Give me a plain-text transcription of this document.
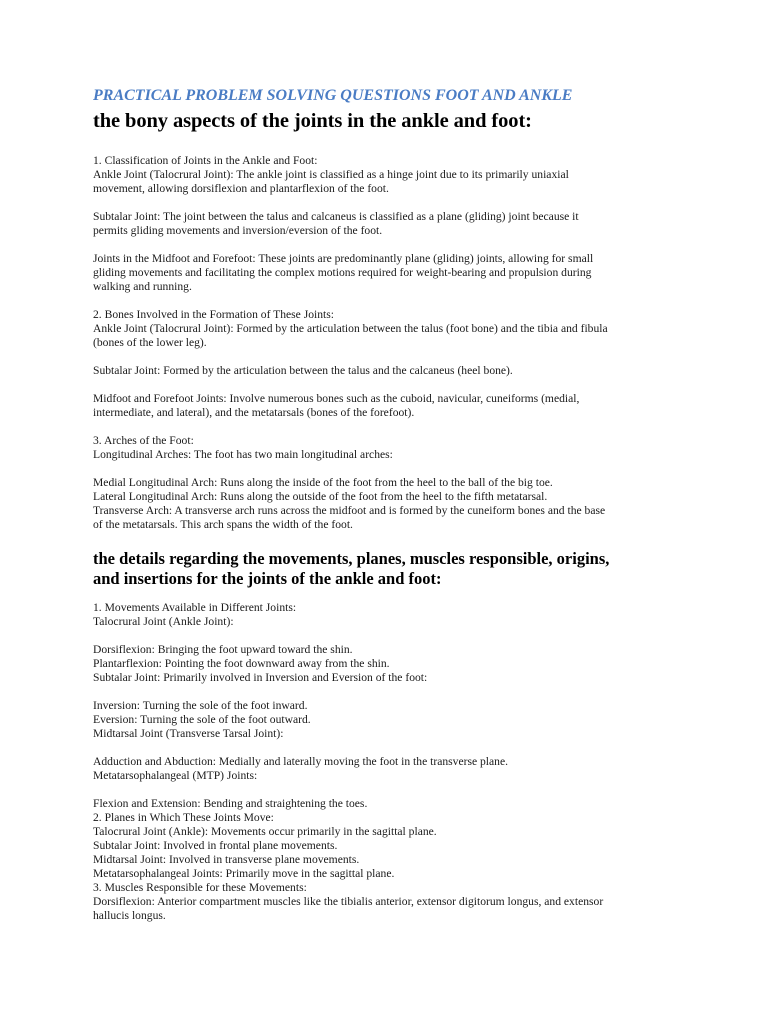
PRACTICAL PROBLEM SOLVING QUESTIONS FOOT AND ANKLE
the bony aspects of the joints in the ankle and foot:
1. Classification of Joints in the Ankle and Foot:
Ankle Joint (Talocrural Joint): The ankle joint is classified as a hinge joint due to its primarily uniaxial
movement, allowing dorsiflexion and plantarflexion of the foot.
Subtalar Joint: The joint between the talus and calcaneus is classified as a plane (gliding) joint because it
permits gliding movements and inversion/eversion of the foot.
Joints in the Midfoot and Forefoot: These joints are predominantly plane (gliding) joints, allowing for small
gliding movements and facilitating the complex motions required for weight-bearing and propulsion during
walking and running.
2. Bones Involved in the Formation of These Joints:
Ankle Joint (Talocrural Joint): Formed by the articulation between the talus (foot bone) and the tibia and fibula
(bones of the lower leg).
Subtalar Joint: Formed by the articulation between the talus and the calcaneus (heel bone).
Midfoot and Forefoot Joints: Involve numerous bones such as the cuboid, navicular, cuneiforms (medial,
intermediate, and lateral), and the metatarsals (bones of the forefoot).
3. Arches of the Foot:
Longitudinal Arches: The foot has two main longitudinal arches:
Medial Longitudinal Arch: Runs along the inside of the foot from the heel to the ball of the big toe.
Lateral Longitudinal Arch: Runs along the outside of the foot from the heel to the fifth metatarsal.
Transverse Arch: A transverse arch runs across the midfoot and is formed by the cuneiform bones and the base
of the metatarsals. This arch spans the width of the foot.
the details regarding the movements, planes, muscles responsible, origins,
and insertions for the joints of the ankle and foot:
1. Movements Available in Different Joints:
Talocrural Joint (Ankle Joint):
Dorsiflexion: Bringing the foot upward toward the shin.
Plantarflexion: Pointing the foot downward away from the shin.
Subtalar Joint: Primarily involved in Inversion and Eversion of the foot:
Inversion: Turning the sole of the foot inward.
Eversion: Turning the sole of the foot outward.
Midtarsal Joint (Transverse Tarsal Joint):
Adduction and Abduction: Medially and laterally moving the foot in the transverse plane.
Metatarsophalangeal (MTP) Joints:
Flexion and Extension: Bending and straightening the toes.
2. Planes in Which These Joints Move:
Talocrural Joint (Ankle): Movements occur primarily in the sagittal plane.
Subtalar Joint: Involved in frontal plane movements.
Midtarsal Joint: Involved in transverse plane movements.
Metatarsophalangeal Joints: Primarily move in the sagittal plane.
3. Muscles Responsible for these Movements:
Dorsiflexion: Anterior compartment muscles like the tibialis anterior, extensor digitorum longus, and extensor
hallucis longus.
